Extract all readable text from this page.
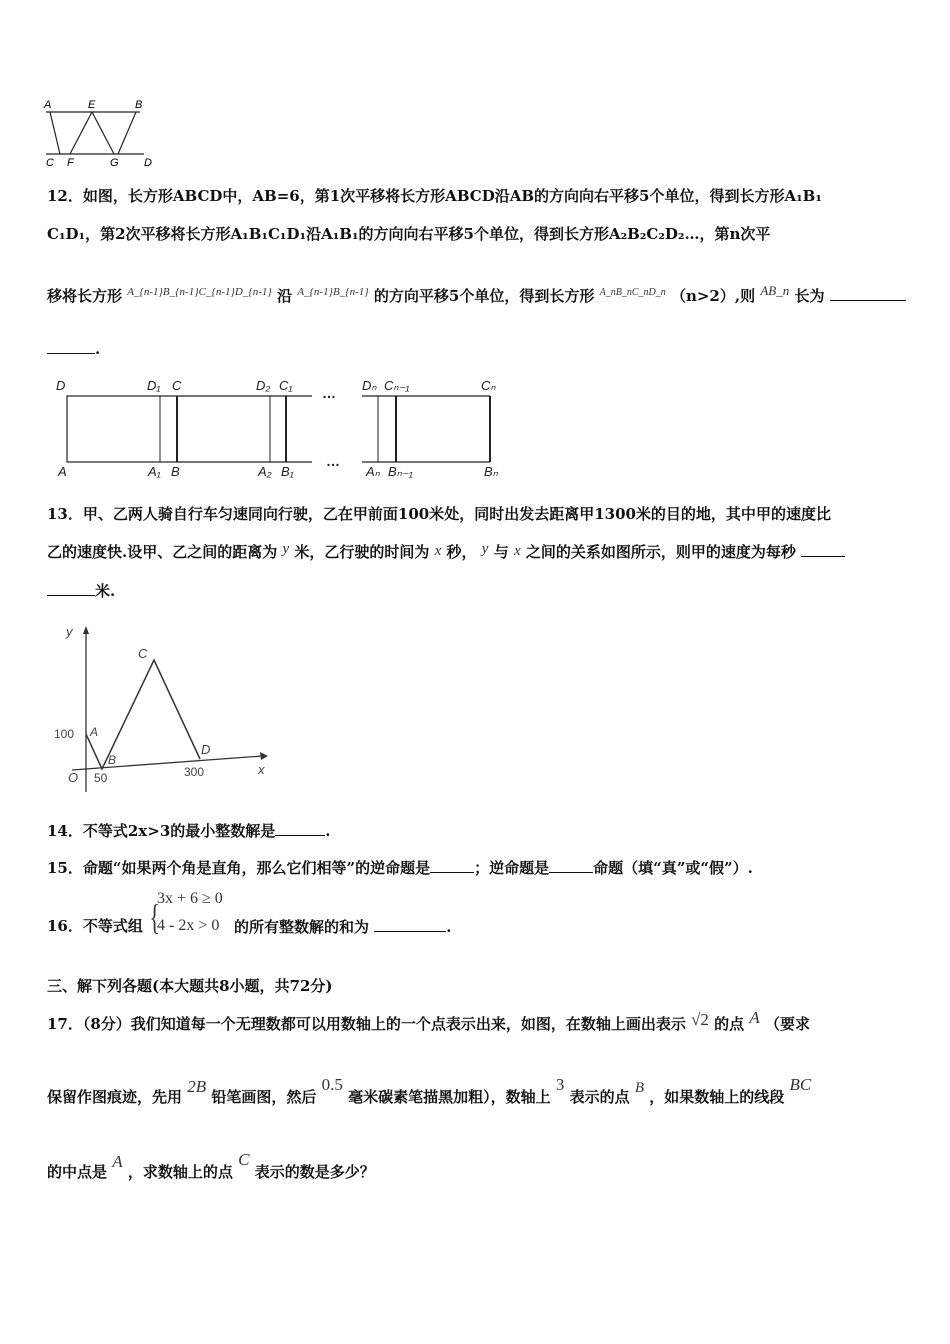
A	E	B
C F	G D
12．如图，长方形ABCD中，AB=6，第1次平移将长方形ABCD沿AB的方向向右平移5个单位，得到长方形A₁B₁
C₁D₁，第2次平移将长方形A₁B₁C₁D₁沿A₁B₁的方向向右平移5个单位，得到长方形A₂B₂C₂D₂…，第n次平
移将长方形 $^{A\_\{n-1\}B\_\{n-1\}C\_\{n-1\}D\_\{n-1\}}$ 沿 $^{A\_\{n-1\}B\_\{n-1\}}$ 的方向平移5个单位，得到长方形 $^{A\_nB\_nC\_nD\_n}$ （n>2）,则 AB_n 长为
.
D	D₁ C	D₂ C₁ … Dₙ Cₙ₋₁	Cₙ
A	A₁ B	A₂ B₁
…
Aₙ Bₙ₋₁	Bₙ
13．甲、乙两人骑自行车匀速同向行驶，乙在甲前面100米处，同时出发去距离甲1300米的目的地，其中甲的速度比
乙的速度快.设甲、乙之间的距离为 y 米，乙行驶的时间为 x 秒， y 与 x 之间的关系如图所示，则甲的速度为每秒
米.
y
x
O
A
B
C
D
100
50	300
14．不等式2x>3的最小整数解是	.
15．命题“如果两个角是直角，那么它们相等”的逆命题是	；逆命题是	命题（填“真”或“假”）.
16．不等式组 {
3x + 6 ≥ 0
4 - 2x > 0 的所有整数解的和为	.
三、解下列各题(本大题共8小题，共72分)
17．（8分）我们知道每一个无理数都可以用数轴上的一个点表示出来，如图，在数轴上画出表示 √2 的点 A （要求
保留作图痕迹，先用 2B 铅笔画图，然后 0.5 毫米碳素笔描黑加粗），数轴上 3 表示的点 B ，如果数轴上的线段 BC
的中点是 A ，求数轴上的点 C 表示的数是多少？
